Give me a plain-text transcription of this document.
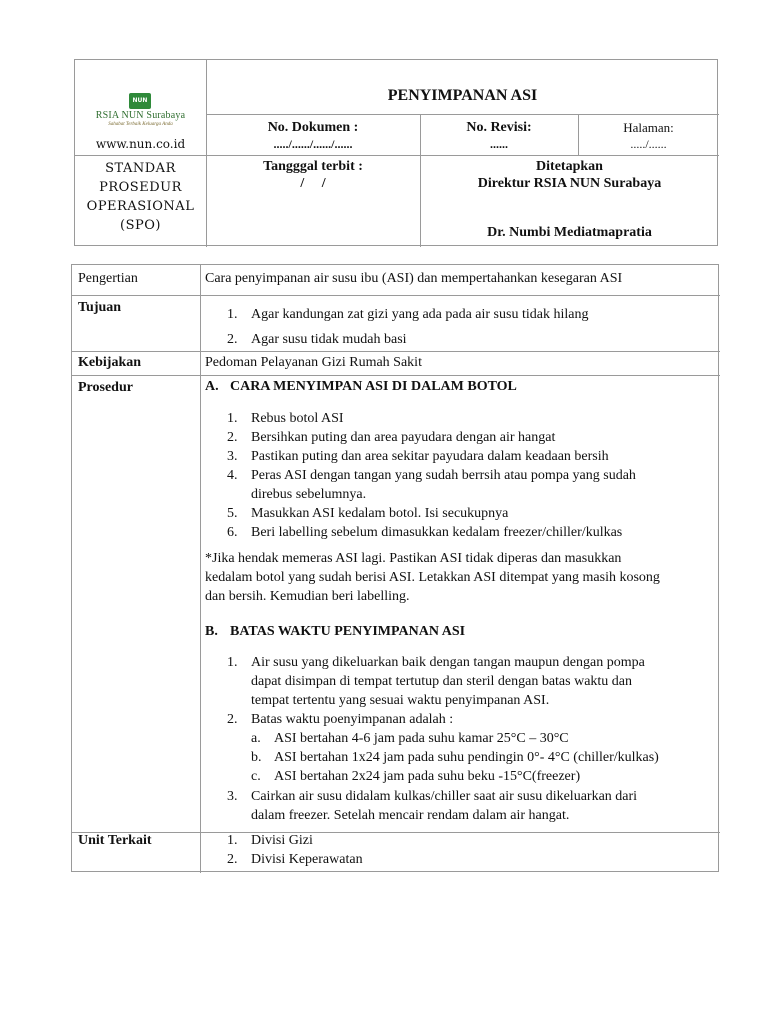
NUN
RSIA NUN Surabaya
Sahabat Terbaik Keluarga Anda
www.nun.co.id
PENYIMPANAN ASI
No. Dokumen :
...../....../....../......
No. Revisi:
......
Halaman:
...../......
STANDAR
PROSEDUR
OPERASIONAL
(SPO)
Tangggal terbit :
/     /
Ditetapkan
Direktur RSIA NUN Surabaya
Dr. Numbi Mediatmapratia
Pengertian	Cara penyimpanan air susu ibu (ASI) dan mempertahankan kesegaran ASI
Tujuan	1. Agar kandungan zat gizi yang ada pada air susu tidak hilang
2. Agar susu tidak mudah basi
Kebijakan	Pedoman Pelayanan Gizi Rumah Sakit
Prosedur	A. CARA MENYIMPAN ASI DI DALAM BOTOL
1. Rebus botol ASI
2. Bersihkan puting dan area payudara dengan air hangat
3. Pastikan puting dan area sekitar payudara dalam keadaan bersih
4. Peras ASI dengan tangan yang sudah berrsih atau pompa yang sudah
direbus sebelumnya.
5. Masukkan ASI kedalam botol. Isi secukupnya
6. Beri labelling sebelum dimasukkan kedalam freezer/chiller/kulkas
*Jika hendak memeras ASI lagi. Pastikan ASI tidak diperas dan masukkan
kedalam botol yang sudah berisi ASI. Letakkan ASI ditempat yang masih kosong
dan bersih. Kemudian beri labelling.
B. BATAS WAKTU PENYIMPANAN ASI
1. Air susu yang dikeluarkan baik dengan tangan maupun dengan pompa
dapat disimpan di tempat tertutup dan steril dengan batas waktu dan
tempat tertentu yang sesuai waktu penyimpanan ASI.
2. Batas waktu poenyimpanan adalah :
a. ASI bertahan 4-6 jam pada suhu kamar 25°C – 30°C
b. ASI bertahan 1x24 jam pada suhu pendingin 0°- 4°C (chiller/kulkas)
c. ASI bertahan 2x24 jam pada suhu beku -15°C(freezer)
3. Cairkan air susu didalam kulkas/chiller saat air susu dikeluarkan dari
dalam freezer. Setelah mencair rendam dalam air hangat.
Unit Terkait	1. Divisi Gizi
2. Divisi Keperawatan
